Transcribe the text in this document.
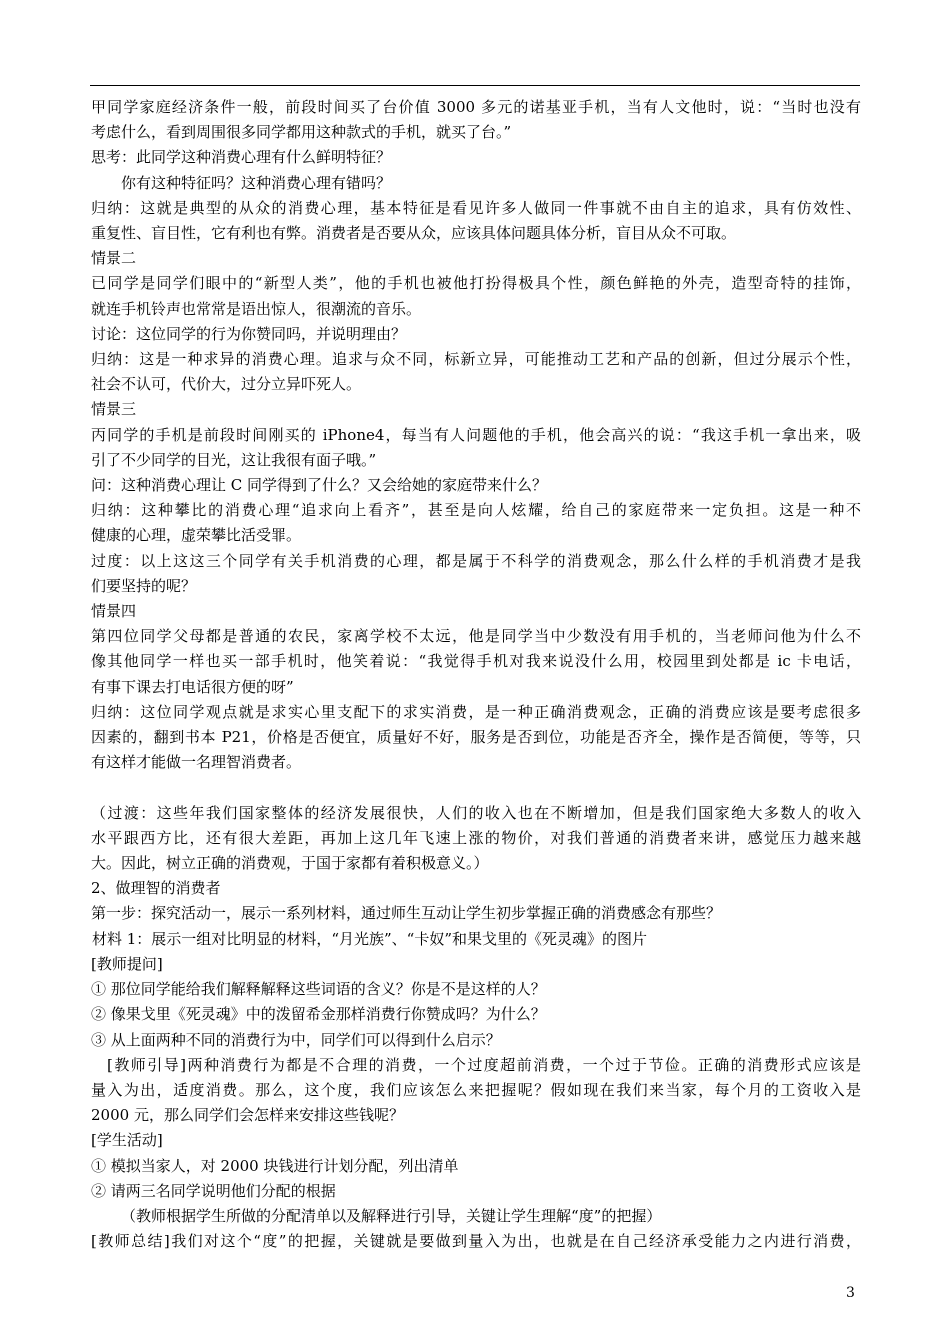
甲同学家庭经济条件一般，前段时间买了台价值 3000 多元的诺基亚手机，当有人文他时，说：“当时也没有

考虑什么，看到周围很多同学都用这种款式的手机，就买了台。”

思考：此同学这种消费心理有什么鲜明特征？

你有这种特征吗？这种消费心理有错吗？

归纳：这就是典型的从众的消费心理，基本特征是看见许多人做同一件事就不由自主的追求，具有仿效性、

重复性、盲目性，它有利也有弊。消费者是否要从众，应该具体问题具体分析，盲目从众不可取。

情景二

已同学是同学们眼中的“新型人类”，他的手机也被他打扮得极具个性，颜色鲜艳的外壳，造型奇特的挂饰，

就连手机铃声也常常是语出惊人，很潮流的音乐。

讨论：这位同学的行为你赞同吗，并说明理由？

归纳：这是一种求异的消费心理。追求与众不同，标新立异，可能推动工艺和产品的创新，但过分展示个性，

社会不认可，代价大，过分立异吓死人。

情景三

丙同学的手机是前段时间刚买的 iPhone4，每当有人问题他的手机，他会高兴的说：“我这手机一拿出来，吸

引了不少同学的目光，这让我很有面子哦。”

问：这种消费心理让 C 同学得到了什么？又会给她的家庭带来什么？

归纳：这种攀比的消费心理“追求向上看齐”，甚至是向人炫耀，给自己的家庭带来一定负担。这是一种不

健康的心理，虚荣攀比活受罪。

过度：以上这这三个同学有关手机消费的心理，都是属于不科学的消费观念，那么什么样的手机消费才是我

们要坚持的呢？

情景四

第四位同学父母都是普通的农民，家离学校不太远，他是同学当中少数没有用手机的，当老师问他为什么不

像其他同学一样也买一部手机时，他笑着说：“我觉得手机对我来说没什么用，校园里到处都是 ic 卡电话，

有事下课去打电话很方便的呀”

归纳：这位同学观点就是求实心里支配下的求实消费，是一种正确消费观念，正确的消费应该是要考虑很多

因素的，翻到书本 P21，价格是否便宜，质量好不好，服务是否到位，功能是否齐全，操作是否简便，等等，只

有这样才能做一名理智消费者。

（过渡：这些年我们国家整体的经济发展很快，人们的收入也在不断增加，但是我们国家绝大多数人的收入

水平跟西方比，还有很大差距，再加上这几年飞速上涨的物价，对我们普通的消费者来讲，感觉压力越来越

大。因此，树立正确的消费观，于国于家都有着积极意义。）

2、做理智的消费者

第一步：探究活动一，展示一系列材料，通过师生互动让学生初步掌握正确的消费感念有那些？

材料 1：展示一组对比明显的材料，“月光族”、“卡奴”和果戈里的《死灵魂》的图片

[教师提问]

① 那位同学能给我们解释解释这些词语的含义？你是不是这样的人？

② 像果戈里《死灵魂》中的泼留希金那样消费行你赞成吗？为什么？

③ 从上面两种不同的消费行为中，同学们可以得到什么启示？

[教师引导]两种消费行为都是不合理的消费，一个过度超前消费，一个过于节俭。正确的消费形式应该是

量入为出，适度消费。那么，这个度，我们应该怎么来把握呢？假如现在我们来当家，每个月的工资收入是

2000 元，那么同学们会怎样来安排这些钱呢？

[学生活动]

① 模拟当家人，对 2000 块钱进行计划分配，列出清单

② 请两三名同学说明他们分配的根据

（教师根据学生所做的分配清单以及解释进行引导，关键让学生理解“度”的把握）

[教师总结]我们对这个“度”的把握，关键就是要做到量入为出，也就是在自己经济承受能力之内进行消费，

3
